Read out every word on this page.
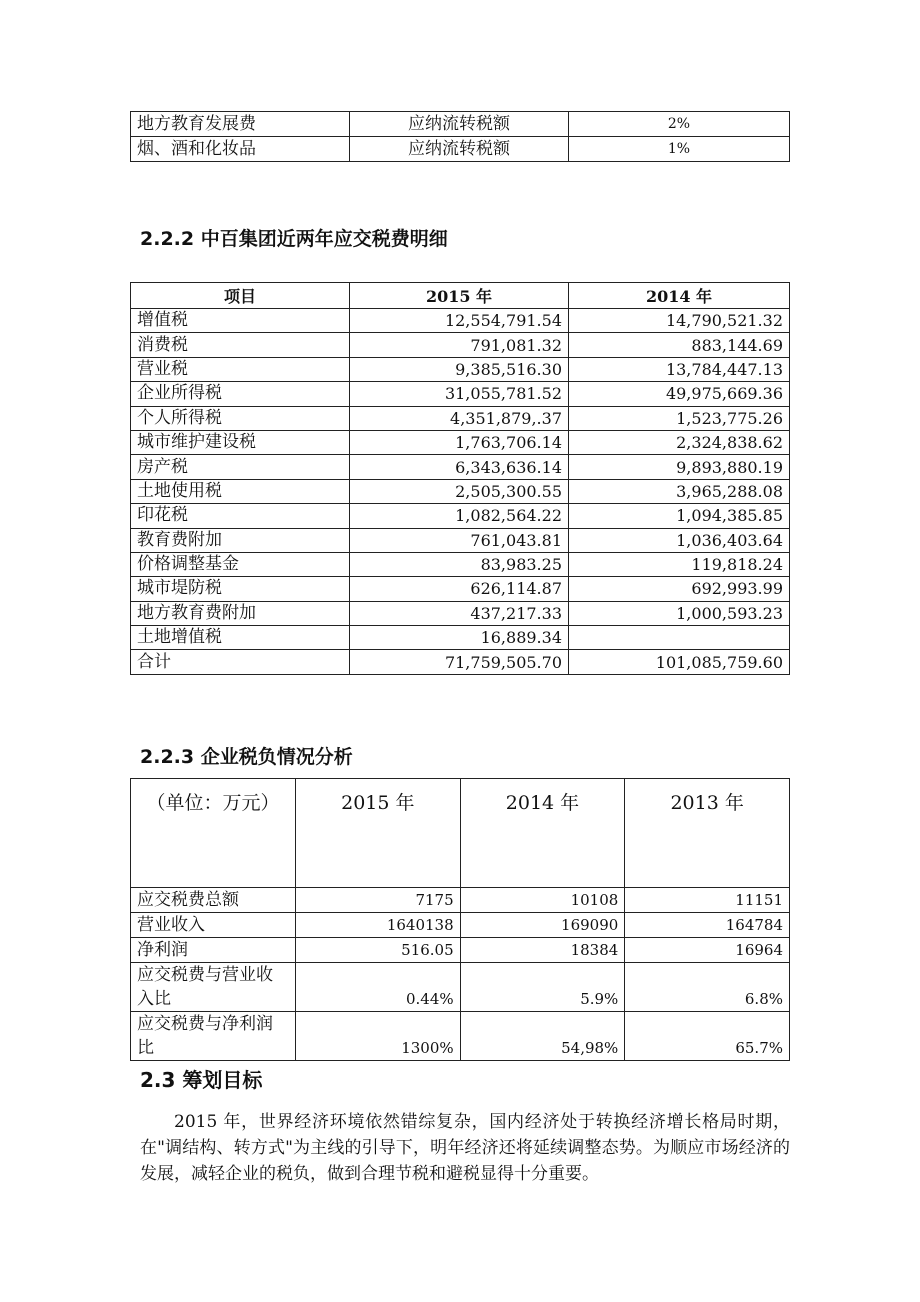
地方教育发展费	应纳流转税额	2%
烟、酒和化妆品	应纳流转税额	1%
2.2.2 中百集团近两年应交税费明细
项目	2015 年	2014 年
增值税	12,554,791.54	14,790,521.32
消费税	791,081.32	883,144.69
营业税	9,385,516.30	13,784,447.13
企业所得税	31,055,781.52	49,975,669.36
个人所得税	4,351,879,.37	1,523,775.26
城市维护建设税	1,763,706.14	2,324,838.62
房产税	6,343,636.14	9,893,880.19
土地使用税	2,505,300.55	3,965,288.08
印花税	1,082,564.22	1,094,385.85
教育费附加	761,043.81	1,036,403.64
价格调整基金	83,983.25	119,818.24
城市堤防税	626,114.87	692,993.99
地方教育费附加	437,217.33	1,000,593.23
土地增值税	16,889.34	
合计	71,759,505.70	101,085,759.60
2.2.3 企业税负情况分析
（单位：万元）	2015 年	2014 年	2013 年
应交税费总额	7175	10108	11151
营业收入	1640138	169090	164784
净利润	516.05	18384	16964
应交税费与营业收入比	0.44%	5.9%	6.8%
应交税费与净利润比	1300%	54,98%	65.7%
2.3 筹划目标

2015 年，世界经济环境依然错综复杂，国内经济处于转换经济增长格局时期，在"调结构、转方式"为主线的引导下，明年经济还将延续调整态势。为顺应市场经济的发展，减轻企业的税负，做到合理节税和避税显得十分重要。
